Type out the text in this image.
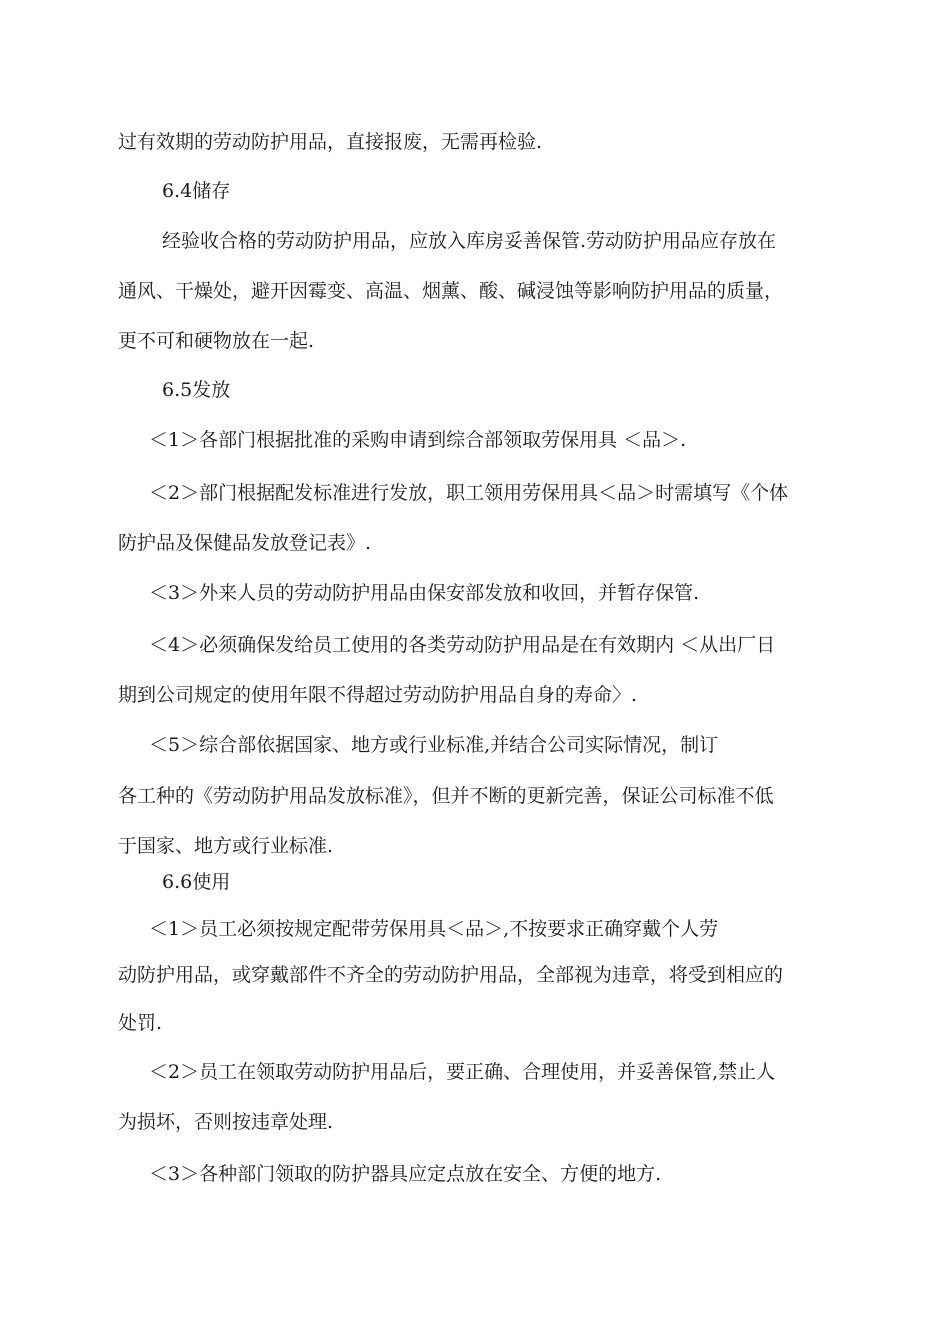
过有效期的劳动防护用品，直接报废，无需再检验.
6.4储存
经验收合格的劳动防护用品，应放入库房妥善保管.劳动防护用品应存放在
通风、干燥处，避开因霉变、高温、烟薰、酸、碱浸蚀等影响防护用品的质量，
更不可和硬物放在一起.
6.5发放
＜1＞各部门根据批准的采购申请到综合部领取劳保用具 ＜品＞.
＜2＞部门根据配发标准进行发放，职工领用劳保用具＜品＞时需填写《个体
防护品及保健品发放登记表》.
＜3＞外来人员的劳动防护用品由保安部发放和收回，并暂存保管.
＜4＞必须确保发给员工使用的各类劳动防护用品是在有效期内 ＜从出厂日
期到公司规定的使用年限不得超过劳动防护用品自身的寿命〉.
＜5＞综合部依据国家、地方或行业标准,并结合公司实际情况，制订
各工种的《劳动防护用品发放标准》，但并不断的更新完善，保证公司标准不低
于国家、地方或行业标准.
6.6使用
＜1＞员工必须按规定配带劳保用具＜品＞,不按要求正确穿戴个人劳
动防护用品，或穿戴部件不齐全的劳动防护用品，全部视为违章，将受到相应的
处罚.
＜2＞员工在领取劳动防护用品后，要正确、合理使用，并妥善保管,禁止人
为损坏，否则按违章处理.
＜3＞各种部门领取的防护器具应定点放在安全、方便的地方.
